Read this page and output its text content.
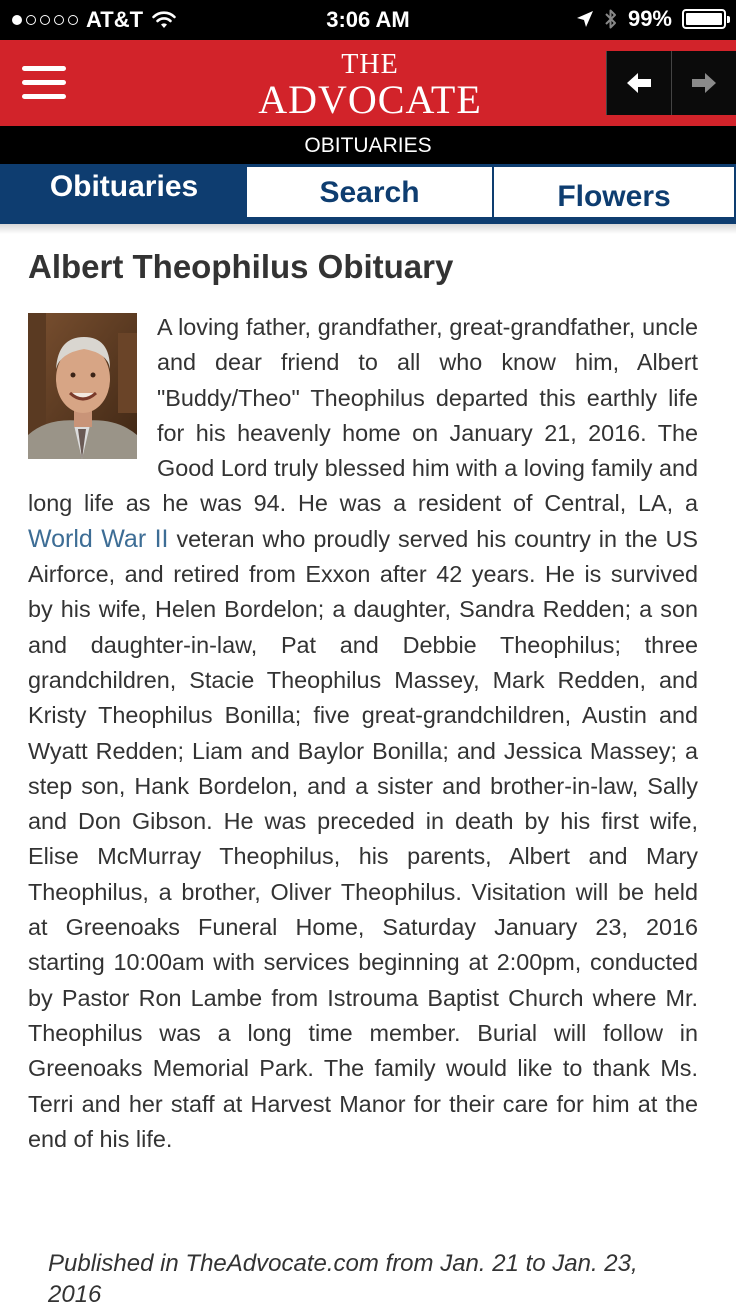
AT&T	3:06 AM	99%
THE
ADVOCATE
OBITUARIES
Obituaries	Search	Flowers
Albert Theophilus Obituary

A loving father, grandfather, great-grandfather, uncle and dear friend to all who know him, Albert "Buddy/Theo" Theophilus departed this earthly life for his heavenly home on January 21, 2016. The Good Lord truly blessed him with a loving family and long life as he was 94. He was a resident of Central, LA, a World War II veteran who proudly served his country in the US Airforce, and retired from Exxon after 42 years. He is survived by his wife, Helen Bordelon; a daughter, Sandra Redden; a son and daughter-in-law, Pat and Debbie Theophilus; three grandchildren, Stacie Theophilus Massey, Mark Redden, and Kristy Theophilus Bonilla; five great-grandchildren, Austin and Wyatt Redden; Liam and Baylor Bonilla; and Jessica Massey; a step son, Hank Bordelon, and a sister and brother-in-law, Sally and Don Gibson. He was preceded in death by his first wife, Elise McMurray Theophilus, his parents, Albert and Mary Theophilus, a brother, Oliver Theophilus. Visitation will be held at Greenoaks Funeral Home, Saturday January 23, 2016 starting 10:00am with services beginning at 2:00pm, conducted by Pastor Ron Lambe from Istrouma Baptist Church where Mr. Theophilus was a long time member. Burial will follow in Greenoaks Memorial Park. The family would like to thank Ms. Terri and her staff at Harvest Manor for their care for him at the end of his life.

Published in TheAdvocate.com from Jan. 21 to Jan. 23, 2016
